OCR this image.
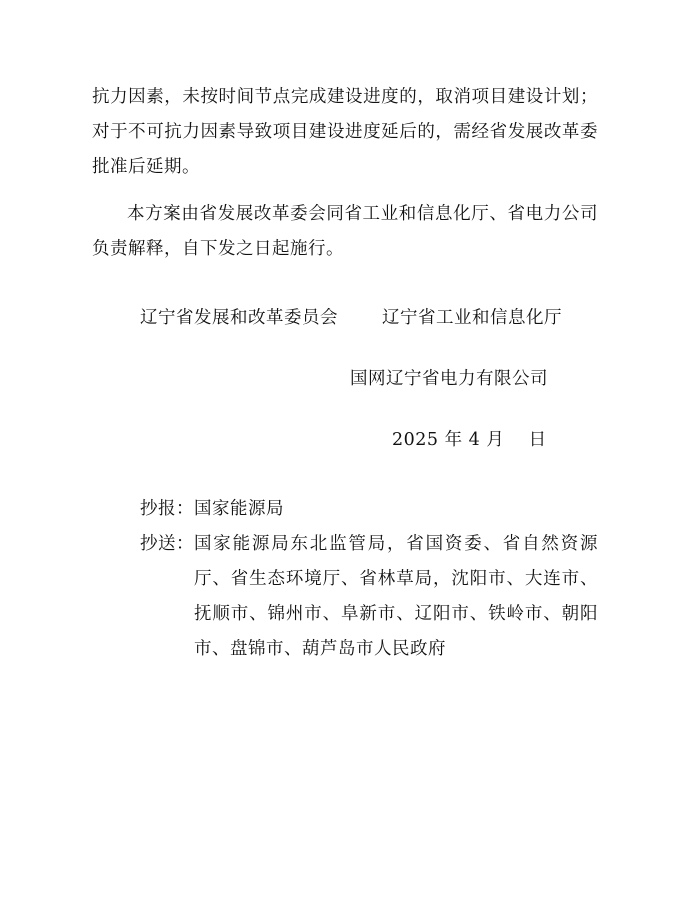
抗力因素，未按时间节点完成建设进度的，取消项目建设计划；对于不可抗力因素导致项目建设进度延后的，需经省发展改革委批准后延期。

本方案由省发展改革委会同省工业和信息化厅、省电力公司负责解释，自下发之日起施行。

辽宁省发展和改革委员会	辽宁省工业和信息化厅
国网辽宁省电力有限公司
2025 年 4 月    日
抄报： 国家能源局
抄送： 国家能源局东北监管局，省国资委、省自然资源厅、省生态环境厅、省林草局，沈阳市、大连市、抚顺市、锦州市、阜新市、辽阳市、铁岭市、朝阳市、盘锦市、葫芦岛市人民政府
